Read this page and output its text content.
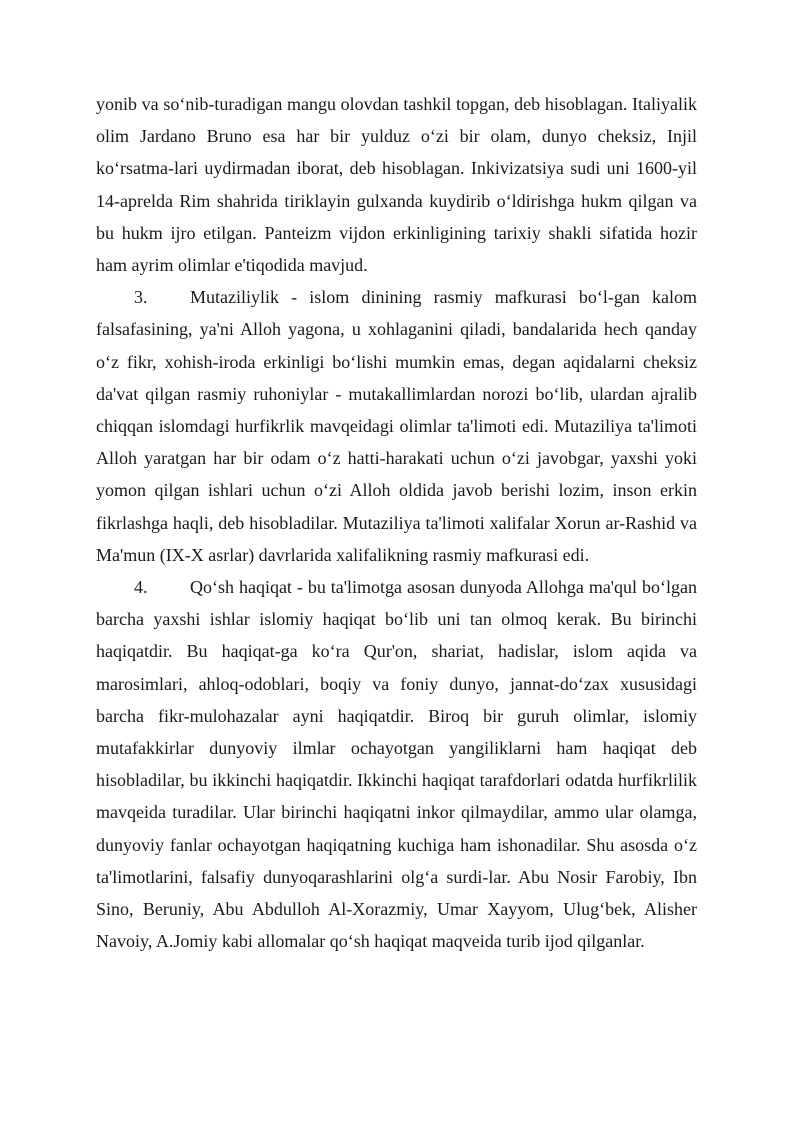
yonib va so‘nib-turadigan mangu olovdan tashkil topgan, deb hisoblagan. Italiyalik olim Jardano Bruno esa har bir yulduz o‘zi bir olam, dunyo cheksiz, Injil ko‘rsatma-lari uydirmadan iborat, deb hisoblagan. Inkivizatsiya sudi uni 1600-yil 14-aprelda Rim shahrida tiriklayin gulxanda kuydirib o‘ldirishga hukm qilgan va bu hukm ijro etilgan. Panteizm vijdon erkinligining tarixiy shakli sifatida hozir ham ayrim olimlar e'tiqodida mavjud.

3. Mutaziliylik - islom dinining rasmiy mafkurasi bo‘l-gan kalom falsafasining, ya'ni Alloh yagona, u xohlaganini qiladi, bandalarida hech qanday o‘z fikr, xohish-iroda erkinligi bo‘lishi mumkin emas, degan aqidalarni cheksiz da'vat qilgan rasmiy ruhoniylar - mutakallimlardan norozi bo‘lib, ulardan ajralib chiqqan islomdagi hurfikrlik mavqeidagi olimlar ta'limoti edi. Mutaziliya ta'limoti Alloh yaratgan har bir odam o‘z hatti-harakati uchun o‘zi javobgar, yaxshi yoki yomon qilgan ishlari uchun o‘zi Alloh oldida javob berishi lozim, inson erkin fikrlashga haqli, deb hisobladilar. Mutaziliya ta'limoti xalifalar Xorun ar-Rashid va Ma'mun (IX-X asrlar) davrlarida xalifalikning rasmiy mafkurasi edi.

4. Qo‘sh haqiqat - bu ta'limotga asosan dunyoda Allohga ma'qul bo‘lgan barcha yaxshi ishlar islomiy haqiqat bo‘lib uni tan olmoq kerak. Bu birinchi haqiqatdir. Bu haqiqat-ga ko‘ra Qur'on, shariat, hadislar, islom aqida va marosimlari, ahloq-odoblari, boqiy va foniy dunyo, jannat-do‘zax xususidagi barcha fikr-mulohazalar ayni haqiqatdir. Biroq bir guruh olimlar, islomiy mutafakkirlar dunyoviy ilmlar ochayotgan yangiliklarni ham haqiqat deb hisobladilar, bu ikkinchi haqiqatdir. Ikkinchi haqiqat tarafdorlari odatda hurfikrlilik mavqeida turadilar. Ular birinchi haqiqatni inkor qilmaydilar, ammo ular olamga, dunyoviy fanlar ochayotgan haqiqatning kuchiga ham ishonadilar. Shu asosda o‘z ta'limotlarini, falsafiy dunyoqarashlarini olg‘a surdi-lar. Abu Nosir Farobiy, Ibn Sino, Beruniy, Abu Abdulloh Al-Xorazmiy, Umar Xayyom, Ulug‘bek, Alisher Navoiy, A.Jomiy kabi allomalar qo‘sh haqiqat maqveida turib ijod qilganlar.
